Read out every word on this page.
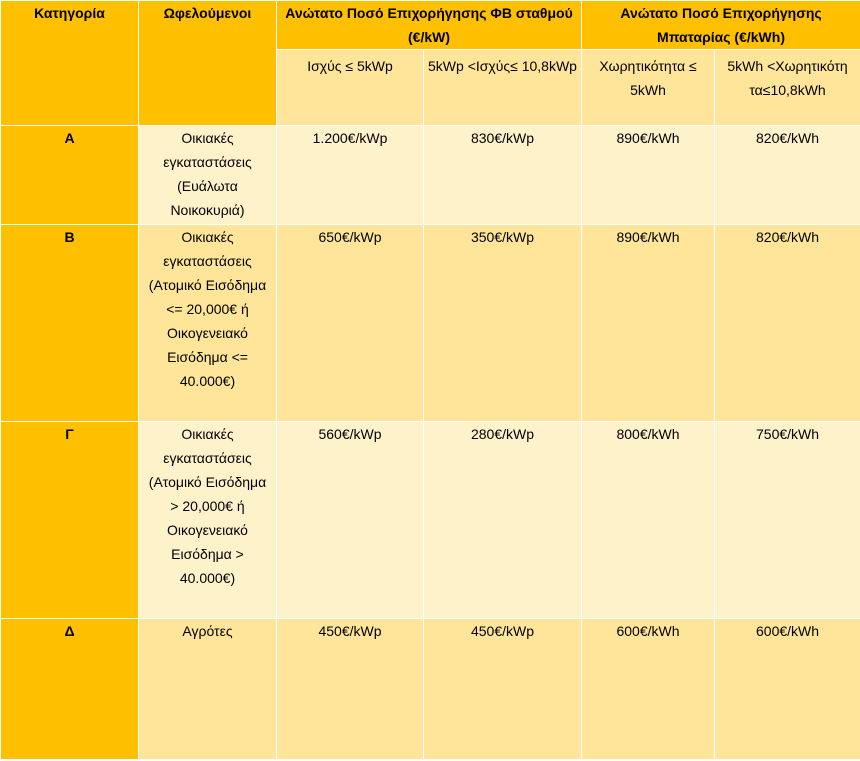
Κατηγορία	Ωφελούμενοι	Ανώτατο Ποσό Επιχορήγησης ΦΒ σταθμού (€/kW)		Ανώτατο Ποσό Επιχορήγησης Μπαταρίας (€/kWh)	
		Ισχύς ≤ 5kWp	5kWp <Ισχύς≤ 10,8kWp	Χωρητικότητα ≤ 5kWh	5kWh <Χωρητικότητα≤10,8kWh
Α	Οικιακές εγκαταστάσεις (Ευάλωτα Νοικοκυριά)	1.200€/kWp	830€/kWp	890€/kWh	820€/kWh
Β	Οικιακές εγκαταστάσεις (Ατομικό Εισόδημα <= 20,000€ ή Οικογενειακό Εισόδημα <= 40.000€)	650€/kWp	350€/kWp	890€/kWh	820€/kWh
Γ	Οικιακές εγκαταστάσεις (Ατομικό Εισόδημα > 20,000€ ή Οικογενειακό Εισόδημα > 40.000€)	560€/kWp	280€/kWp	800€/kWh	750€/kWh
Δ	Αγρότες	450€/kWp	450€/kWp	600€/kWh	600€/kWh
